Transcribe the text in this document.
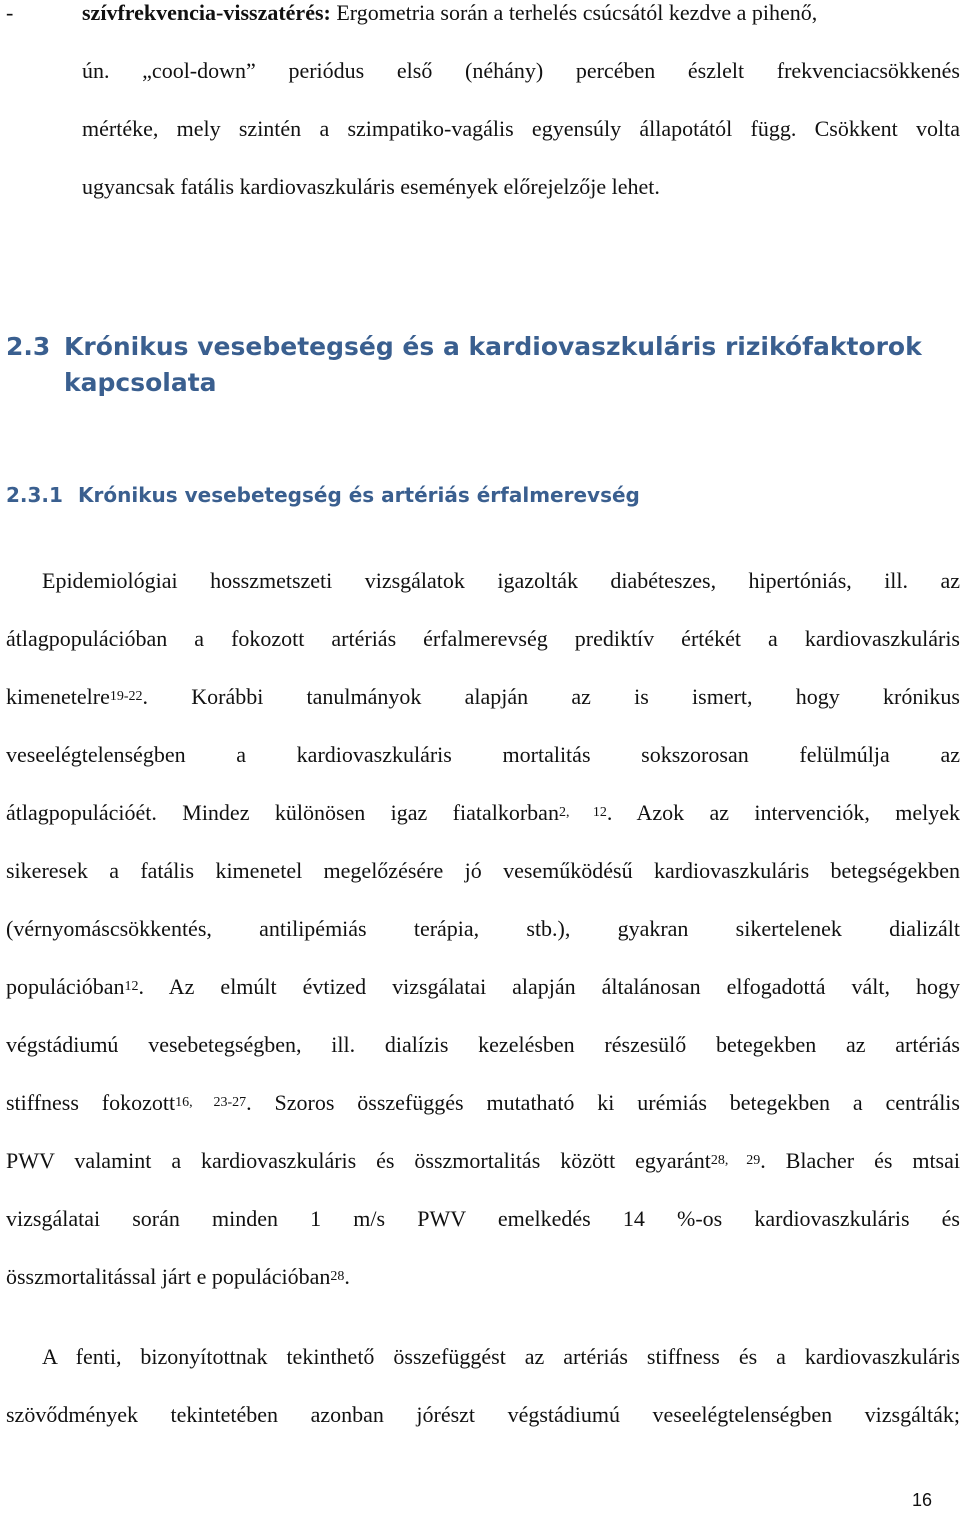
-	szívfrekvencia-visszatérés: Ergometria során a terhelés csúcsától kezdve a pihenő,
ún. „cool-down” periódus első (néhány) percében észlelt frekvenciacsökkenés
mértéke, mely szintén a szimpatiko-vagális egyensúly állapotától függ. Csökkent volta
ugyancsak fatális kardiovaszkuláris események előrejelzője lehet.
2.3 Krónikus vesebetegség és a kardiovaszkuláris rizikófaktorok
kapcsolata
2.3.1 Krónikus vesebetegség és artériás érfalmerevség
Epidemiológiai hosszmetszeti vizsgálatok igazolták diabéteszes, hipertóniás, ill. az
átlagpopulációban a fokozott artériás érfalmerevség prediktív értékét a kardiovaszkuláris
kimenetelre$^{19-22}$. Korábbi tanulmányok alapján az is ismert, hogy krónikus
veseelégtelenségben a kardiovaszkuláris mortalitás sokszorosan felülmúlja az
átlagpopulációét. Mindez különösen igaz fiatalkorban$^{2, 12}$. Azok az intervenciók, melyek
sikeresek a fatális kimenetel megelőzésére jó veseműködésű kardiovaszkuláris betegségekben
(vérnyomáscsökkentés, antilipémiás terápia, stb.), gyakran sikertelenek dializált
populációban$^{12}$. Az elmúlt évtized vizsgálatai alapján általánosan elfogadottá vált, hogy
végstádiumú vesebetegségben, ill. dialízis kezelésben részesülő betegekben az artériás
stiffness fokozott$^{16, 23-27}$. Szoros összefüggés mutatható ki urémiás betegekben a centrális
PWV valamint a kardiovaszkuláris és összmortalitás között egyaránt$^{28, 29}$. Blacher és mtsai
vizsgálatai során minden 1 m/s PWV emelkedés 14 %-os kardiovaszkuláris és
összmortalitással járt e populációban$^{28}$.
A fenti, bizonyítottnak tekinthető összefüggést az artériás stiffness és a kardiovaszkuláris
szövődmények tekintetében azonban jórészt végstádiumú veseelégtelenségben vizsgálták;
16
